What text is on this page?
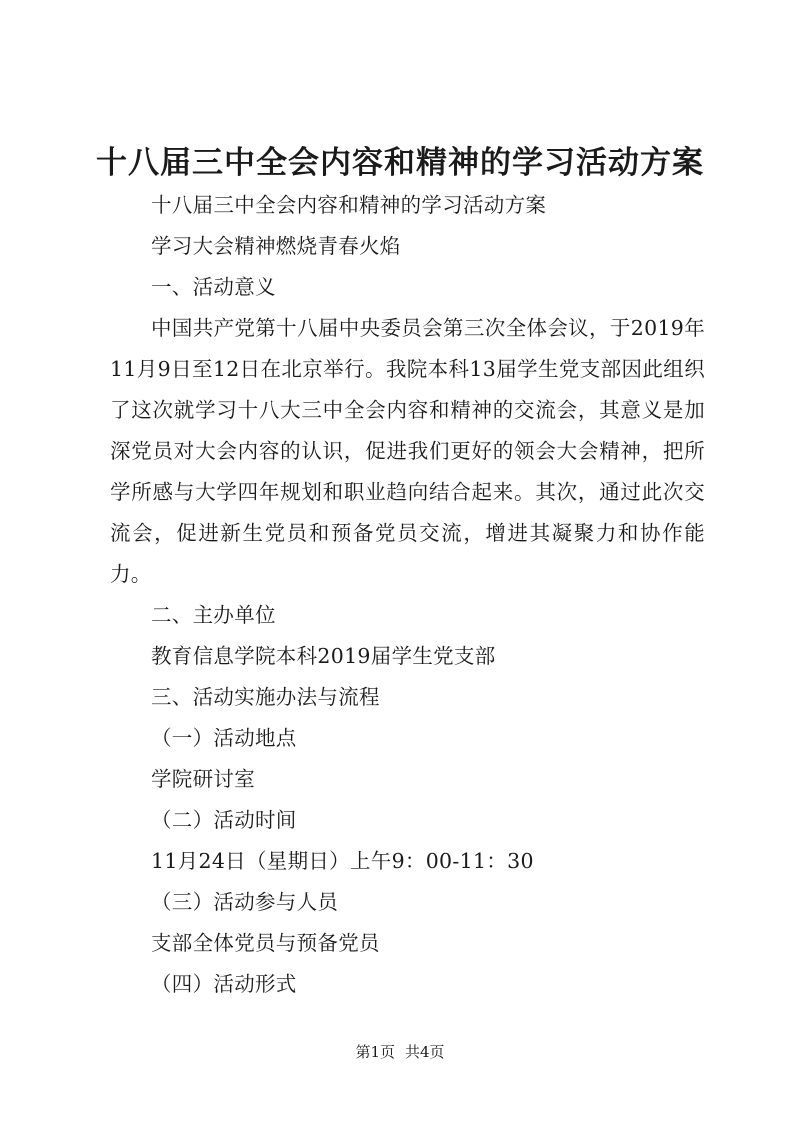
十八届三中全会内容和精神的学习活动方案

十八届三中全会内容和精神的学习活动方案

学习大会精神燃烧青春火焰

一、活动意义

中国共产党第十八届中央委员会第三次全体会议，于2019年11月9日至12日在北京举行。我院本科13届学生党支部因此组织了这次就学习十八大三中全会内容和精神的交流会，其意义是加深党员对大会内容的认识，促进我们更好的领会大会精神，把所学所感与大学四年规划和职业趋向结合起来。其次，通过此次交流会，促进新生党员和预备党员交流，增进其凝聚力和协作能力。

二、主办单位

教育信息学院本科2019届学生党支部

三、活动实施办法与流程

（一）活动地点

学院研讨室

（二）活动时间

11月24日（星期日）上午9：00-11：30

（三）活动参与人员

支部全体党员与预备党员

（四）活动形式

第1页 共4页
